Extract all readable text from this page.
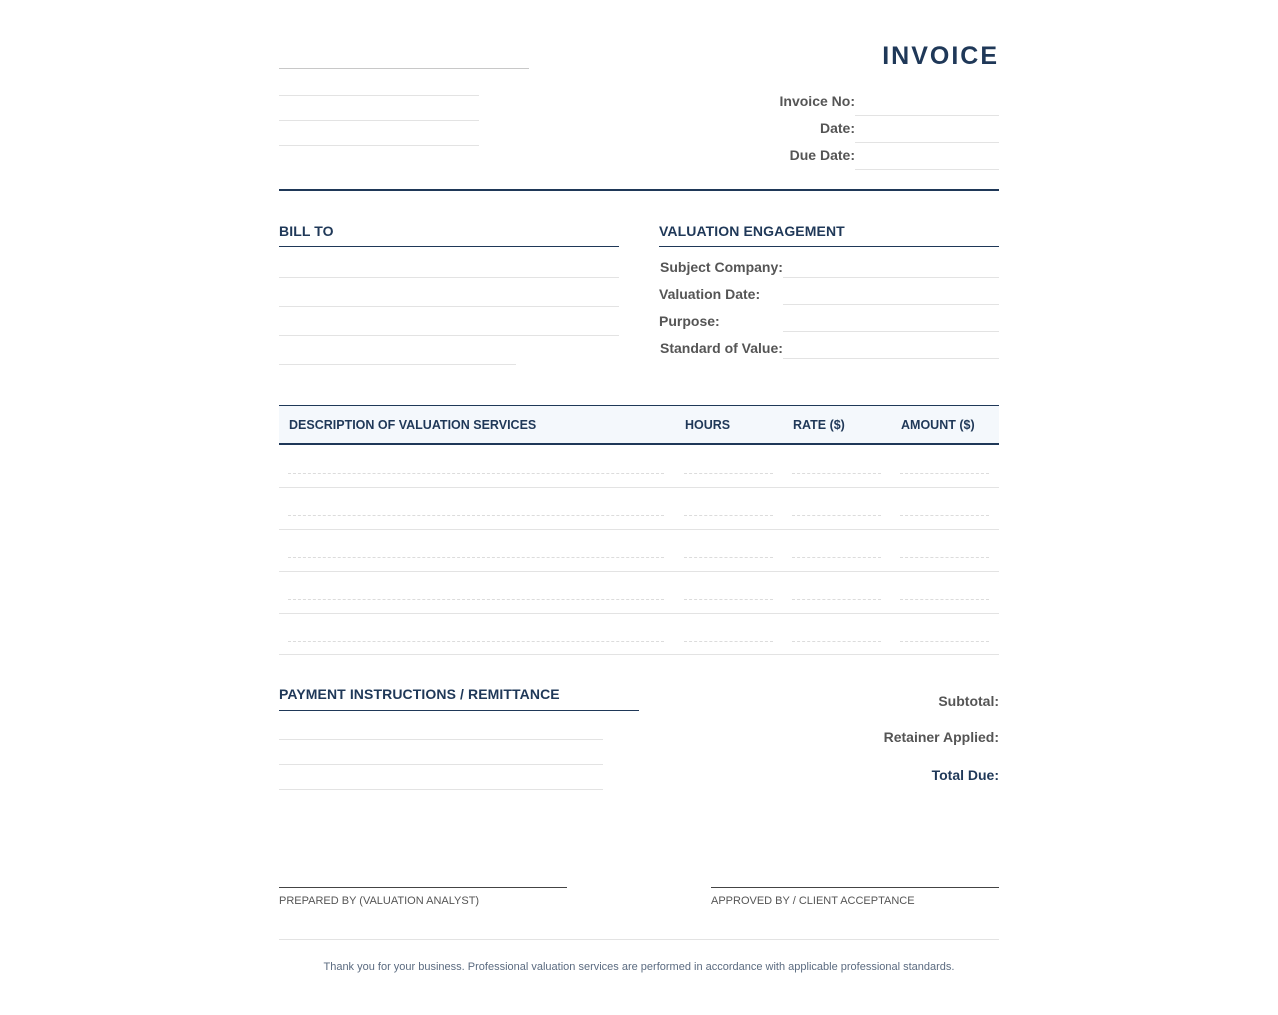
INVOICE
Invoice No:
Date:
Due Date:
BILL TO	VALUATION ENGAGEMENT
Subject Company:
Valuation Date:
Purpose:
Standard of Value:
DESCRIPTION OF VALUATION SERVICES	HOURS	RATE ($)	AMOUNT ($)
PAYMENT INSTRUCTIONS / REMITTANCE	Subtotal:
Retainer Applied:
Total Due:
PREPARED BY (VALUATION ANALYST)	APPROVED BY / CLIENT ACCEPTANCE
Thank you for your business. Professional valuation services are performed in accordance with applicable professional standards.
